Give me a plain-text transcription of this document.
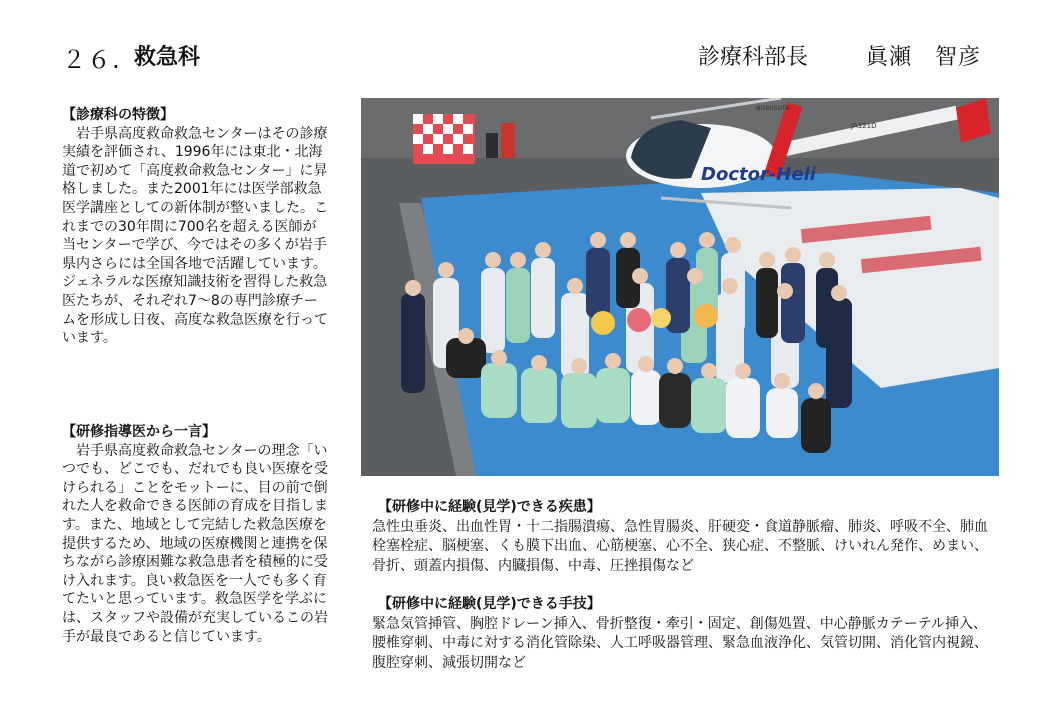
２６. 救急科	診療科部長	眞瀬　智彦
【診療科の特徴】

岩手県高度救命救急センターはその診療実績を評価され、1996年には東北・北海道で初めて「高度救命救急センター」に昇格しました。また2001年には医学部救急医学講座としての新体制が整いました。これまでの30年間に700名を超える医師が当センターで学び、今ではその多くが岩手県内さらには全国各地で活躍しています。ジェネラルな医療知識技術を習得した救急医たちが、それぞれ7～8の専門診療チームを形成し日夜、高度な救急医療を行っています。

【研修指導医から一言】

岩手県高度救命救急センターの理念「いつでも、どこでも、だれでも良い医療を受けられる」ことをモットーに、目の前で倒れた人を救命できる医師の育成を目指します。また、地域として完結した救急医療を提供するため、地域の医療機関と連携を保ちながら診療困難な救急患者を積極的に受け入れます。良い救急医を一人でも多く育てたいと思っています。救急医学を学ぶには、スタッフや設備が充実しているこの岩手が最良であると信じています。

Doctor-Heli
JA121D
NOBUSUTA
【研修中に経験(見学)できる疾患】
急性虫垂炎、出血性胃・十二指腸潰瘍、急性胃腸炎、肝硬変・食道静脈瘤、肺炎、呼吸不全、肺血栓塞栓症、脳梗塞、くも膜下出血、心筋梗塞、心不全、狭心症、不整脈、けいれん発作、めまい、骨折、頭蓋内損傷、内臓損傷、中毒、圧挫損傷など
【研修中に経験(見学)できる手技】
緊急気管挿管、胸腔ドレーン挿入、骨折整復・牽引・固定、創傷処置、中心静脈カテーテル挿入、腰椎穿刺、中毒に対する消化管除染、人工呼吸器管理、緊急血液浄化、気管切開、消化管内視鏡、腹腔穿刺、減張切開など
